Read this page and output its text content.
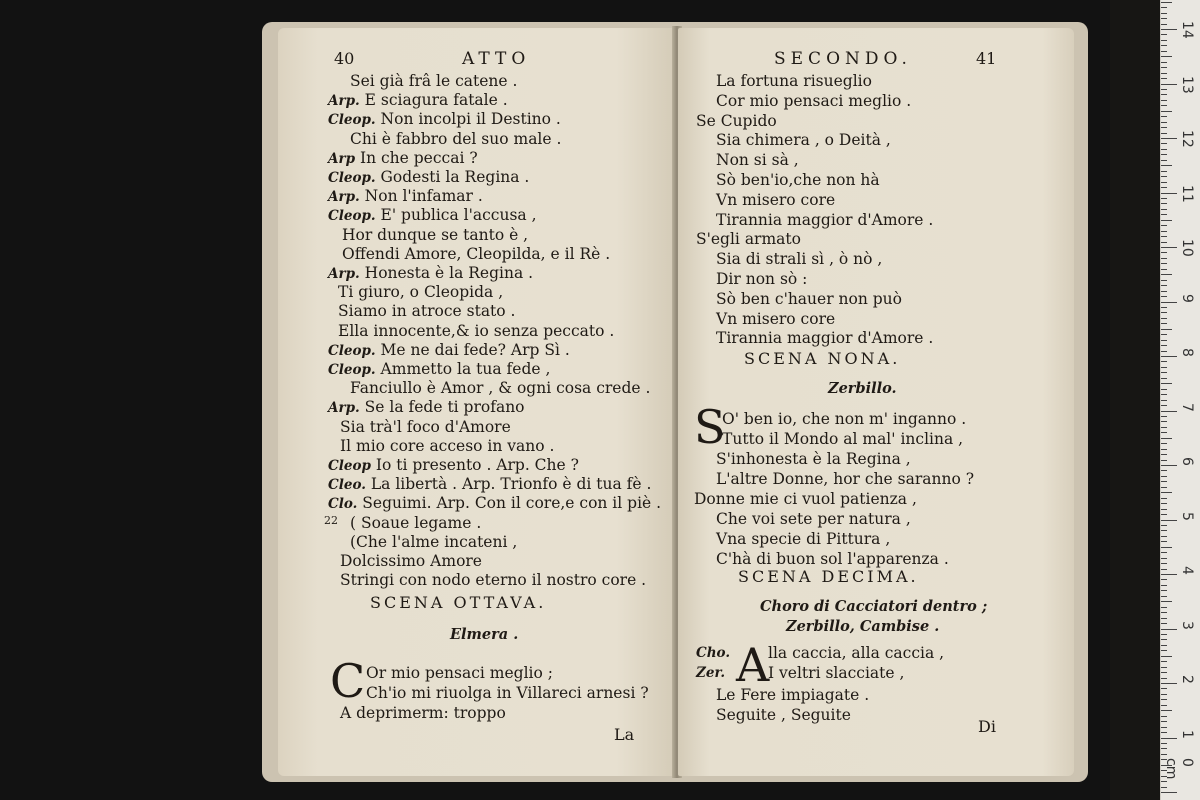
0 cm
1
2
3
4
5
6
7
8
9
10
11
12
13
14
40	ATTO
22
Sei già frâ le catene .
Arp. E sciagura fatale .
Cleop. Non incolpi il Destino .
Chi è fabbro del suo male .
Arp In che peccai ?
Cleop. Godesti la Regina .
Arp. Non l'infamar .
Cleop. E' publica l'accusa ,
Hor dunque se tanto è ,
Offendi Amore, Cleopilda, e il Rè .
Arp. Honesta è la Regina .
Ti giuro, o Cleopida ,
Siamo in atroce stato .
Ella innocente,& io senza peccato .
Cleop. Me ne dai fede? Arp Sì .
Cleop. Ammetto la tua fede ,
Fanciullo è Amor , & ogni cosa crede .
Arp. Se la fede ti profano
Sia trà'l foco d'Amore
Il mio core acceso in vano .
Cleop Io ti presento . Arp. Che ?
Cleo. La libertà . Arp. Trionfo è di tua fè .
Clo. Seguimi. Arp. Con il core,e con il piè .
( Soaue legame .
(Che l'alme incateni ,
Dolcissimo Amore
Stringi con nodo eterno il nostro core .
SCENA OTTAVA.
Elmera .
C Or mio pensaci meglio ;
Ch'io mi riuolga in Villareci arnesi ?
A deprimerm: troppo
La
SECONDO.	41
La fortuna risueglio
Cor mio pensaci meglio .
Se Cupido
Sia chimera , o Deità ,
Non si sà ,
Sò ben'io,che non hà
Vn misero core
Tirannia maggior d'Amore .
S'egli armato
Sia di strali sì , ò nò ,
Dir non sò :
Sò ben c'hauer non può
Vn misero core
Tirannia maggior d'Amore .
SCENA NONA.
Zerbillo.
S
O' ben io, che non m' inganno .
Tutto il Mondo al mal' inclina ,
S'inhonesta è la Regina ,
L'altre Donne, hor che saranno ?
Donne mie ci vuol patienza ,
Che voi sete per natura ,
Vna specie di Pittura ,
C'hà di buon sol l'apparenza .
SCENA DECIMA.
Choro di Cacciatori dentro ;
Zerbillo, Cambise .
A
Cho. lla caccia, alla caccia ,
Zer.	I veltri slacciate ,
Le Fere impiagate .
Seguite , Seguite
Di
